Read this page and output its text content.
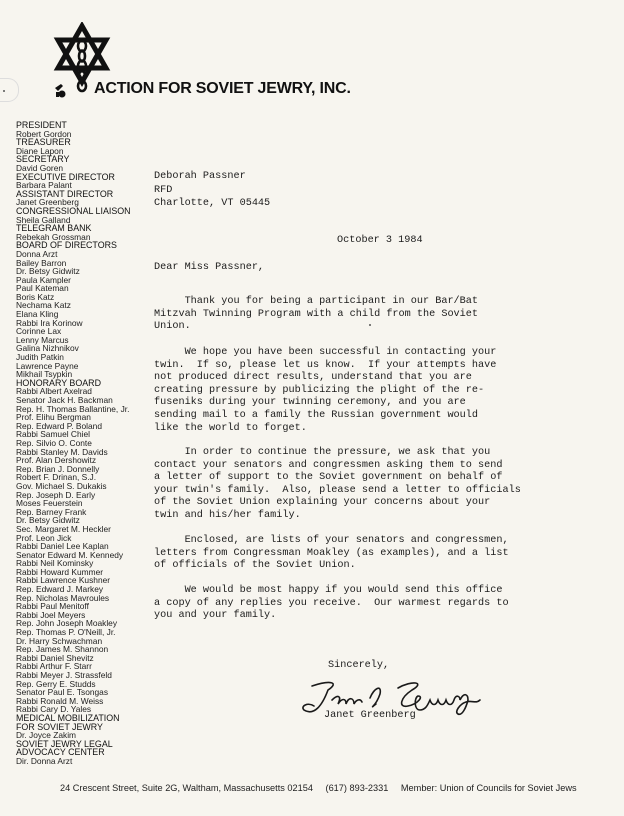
ACTION FOR SOVIET JEWRY, INC.
PRESIDENT
Robert Gordon
TREASURER
Diane Lapon
SECRETARY
David Goren
EXECUTIVE DIRECTOR
Barbara Palant
ASSISTANT DIRECTOR
Janet Greenberg
CONGRESSIONAL LIAISON
Sheila Galland
TELEGRAM BANK
Rebekah Grossman
BOARD OF DIRECTORS
Donna Arzt
Bailey Barron
Dr. Betsy Gidwitz
Paula Kampler
Paul Kateman
Boris Katz
Nechama Katz
Elana Kling
Rabbi Ira Korinow
Corinne Lax
Lenny Marcus
Galina Nizhnikov
Judith Patkin
Lawrence Payne
Mikhail Tsypkin
HONORARY BOARD
Rabbi Albert Axelrad
Senator Jack H. Backman
Rep. H. Thomas Ballantine, Jr.
Prof. Elihu Bergman
Rep. Edward P. Boland
Rabbi Samuel Chiel
Rep. Silvio O. Conte
Rabbi Stanley M. Davids
Prof. Alan Dershowitz
Rep. Brian J. Donnelly
Robert F. Drinan, S.J.
Gov. Michael S. Dukakis
Rep. Joseph D. Early
Moses Feuerstein
Rep. Barney Frank
Dr. Betsy Gidwitz
Sec. Margaret M. Heckler
Prof. Leon Jick
Rabbi Daniel Lee Kaplan
Senator Edward M. Kennedy
Rabbi Neil Kominsky
Rabbi Howard Kummer
Rabbi Lawrence Kushner
Rep. Edward J. Markey
Rep. Nicholas Mavroules
Rabbi Paul Menitoff
Rabbi Joel Meyers
Rep. John Joseph Moakley
Rep. Thomas P. O'Neill, Jr.
Dr. Harry Schwachman
Rep. James M. Shannon
Rabbi Daniel Shevitz
Rabbi Arthur F. Starr
Rabbi Meyer J. Strassfeld
Rep. Gerry E. Studds
Senator Paul E. Tsongas
Rabbi Ronald M. Weiss
Rabbi Cary D. Yales
MEDICAL MOBILIZATION
FOR SOVIET JEWRY
Dr. Joyce Zakim
SOVIET JEWRY LEGAL
ADVOCACY CENTER
Dir. Donna Arzt
Deborah Passner
RFD
Charlotte, VT 05445
October 3 1984
Dear Miss Passner,
Thank you for being a participant in our Bar/Bat
Mitzvah Twinning Program with a child from the Soviet
Union.
We hope you have been successful in contacting your
twin.  If so, please let us know.  If your attempts have
not produced direct results, understand that you are
creating pressure by publicizing the plight of the re-
fuseniks during your twinning ceremony, and you are
sending mail to a family the Russian government would
like the world to forget.
In order to continue the pressure, we ask that you
contact your senators and congressmen asking them to send
a letter of support to the Soviet government on behalf of
your twin's family.  Also, please send a letter to officials
of the Soviet Union explaining your concerns about your
twin and his/her family.
Enclosed, are lists of your senators and congressmen,
letters from Congressman Moakley (as examples), and a list
of officials of the Soviet Union.
We would be most happy if you would send this office
a copy of any replies you receive.  Our warmest regards to
you and your family.
Sincerely,
Janet Greenberg
24 Crescent Street, Suite 2G, Waltham, Massachusetts 02154 (617) 893-2331 Member: Union of Councils for Soviet Jews
